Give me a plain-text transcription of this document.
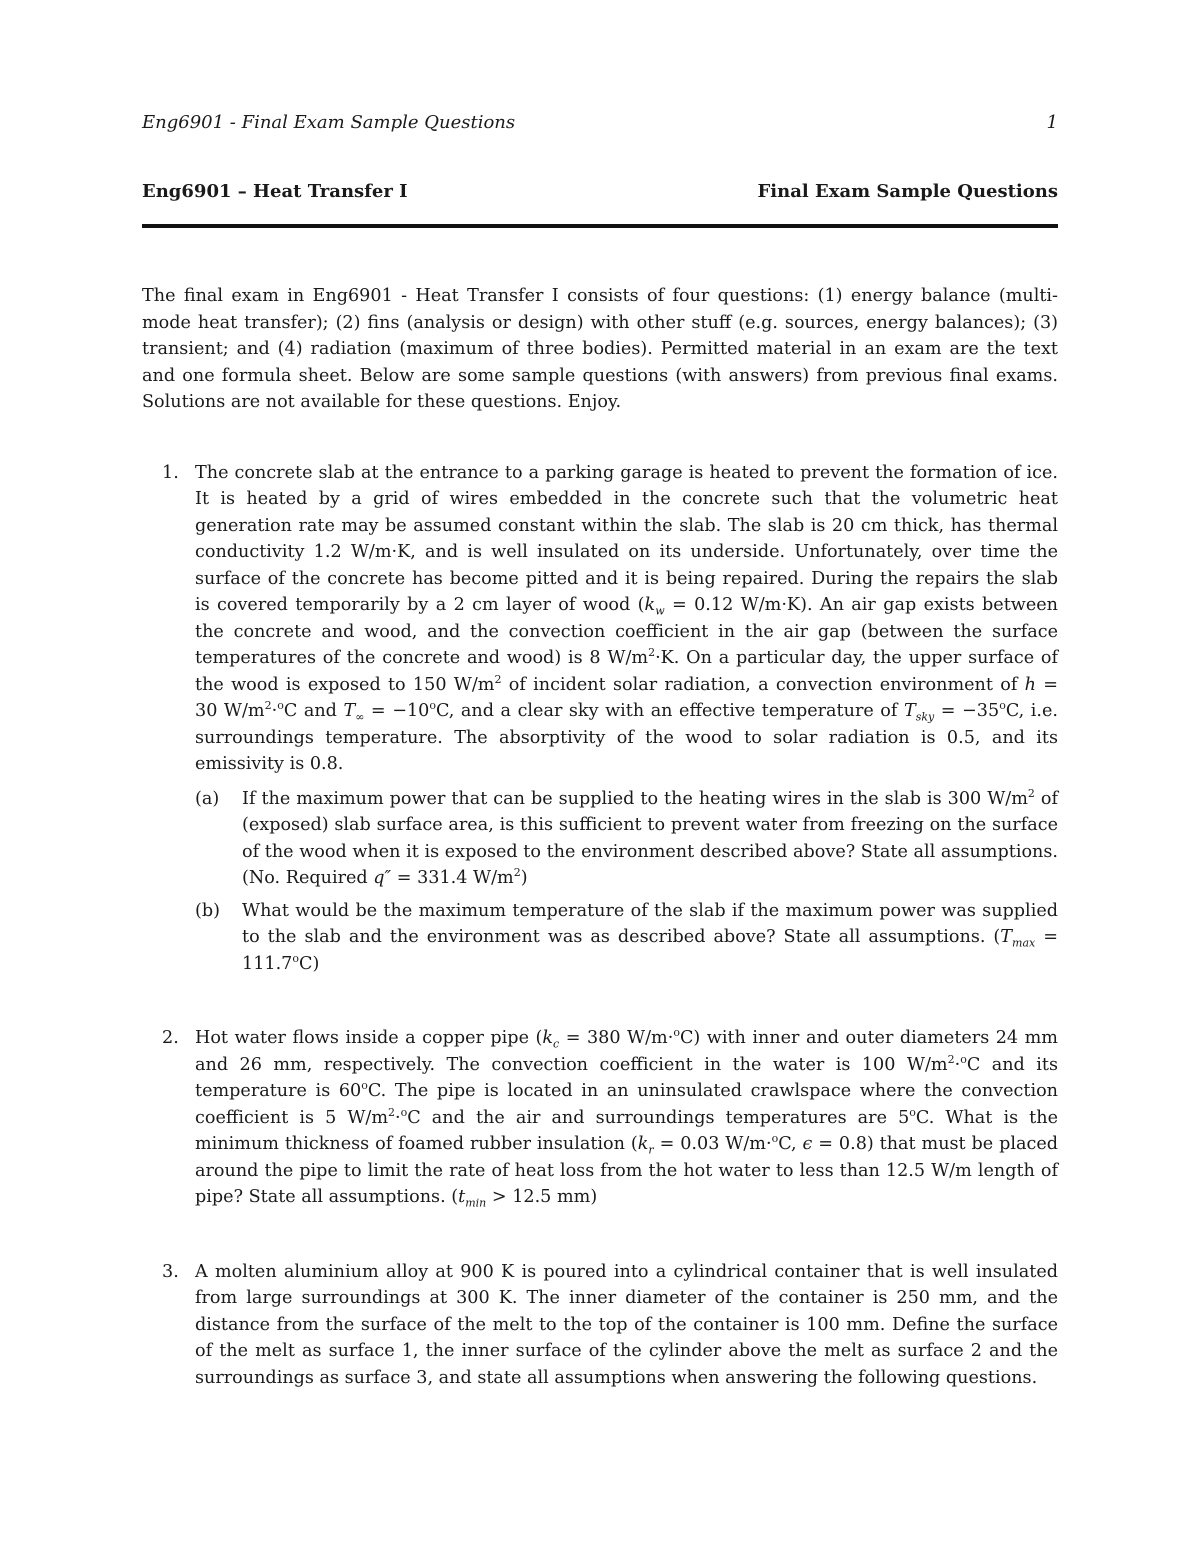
Eng6901 - Final Exam Sample Questions	1
Eng6901 – Heat Transfer I	Final Exam Sample Questions

The final exam in Eng6901 - Heat Transfer I consists of four questions: (1) energy balance (multi-mode heat transfer); (2) fins (analysis or design) with other stuff (e.g. sources, energy balances); (3) transient; and (4) radiation (maximum of three bodies). Permitted material in an exam are the text and one formula sheet. Below are some sample questions (with answers) from previous final exams. Solutions are not available for these questions. Enjoy.

1. The concrete slab at the entrance to a parking garage is heated to prevent the formation of ice. It is heated by a grid of wires embedded in the concrete such that the volumetric heat generation rate may be assumed constant within the slab. The slab is 20 cm thick, has thermal conductivity 1.2 W/m·K, and is well insulated on its underside. Unfortunately, over time the surface of the concrete has become pitted and it is being repaired. During the repairs the slab is covered temporarily by a 2 cm layer of wood ($k_w = 0.12$ W/m·K). An air gap exists between the concrete and wood, and the convection coefficient in the air gap (between the surface temperatures of the concrete and wood) is 8 $W/m^2\cdot K$. On a particular day, the upper surface of the wood is exposed to 150 $W/m^2$ of incident solar radiation, a convection environment of h = 30 $W/m^2\cdot^oC$ and $T_\infty = -10^oC$, and a clear sky with an effective temperature of $T_{sky} = -35^oC$, i.e. surroundings temperature. The absorptivity of the wood to solar radiation is 0.5, and its emissivity is 0.8.
(a) If the maximum power that can be supplied to the heating wires in the slab is 300 $W/m^2$ of (exposed) slab surface area, is this sufficient to prevent water from freezing on the surface of the wood when it is exposed to the environment described above? State all assumptions. (No. Required q″ = 331.4 $W/m^2$)
(b) What would be the maximum temperature of the slab if the maximum power was supplied to the slab and the environment was as described above? State all assumptions. $(T_{max} = 111.7^oC)$
2. Hot water flows inside a copper pipe ($k_c = 380$ W/m·$^o$C) with inner and outer diameters 24 mm and 26 mm, respectively. The convection coefficient in the water is 100 $W/m^2\cdot^oC$ and its temperature is 60$^o$C. The pipe is located in an uninsulated crawlspace where the convection coefficient is 5 $W/m^2\cdot^oC$ and the air and surroundings temperatures are 5$^o$C. What is the minimum thickness of foamed rubber insulation ($k_r = 0.03$ W/m·$^o$C, ϵ = 0.8) that must be placed around the pipe to limit the rate of heat loss from the hot water to less than 12.5 W/m length of pipe? State all assumptions. ($t_{min} > 12.5$ mm)
3. A molten aluminium alloy at 900 K is poured into a cylindrical container that is well insulated from large surroundings at 300 K. The inner diameter of the container is 250 mm, and the distance from the surface of the melt to the top of the container is 100 mm. Define the surface of the melt as surface 1, the inner surface of the cylinder above the melt as surface 2 and the surroundings as surface 3, and state all assumptions when answering the following questions.
